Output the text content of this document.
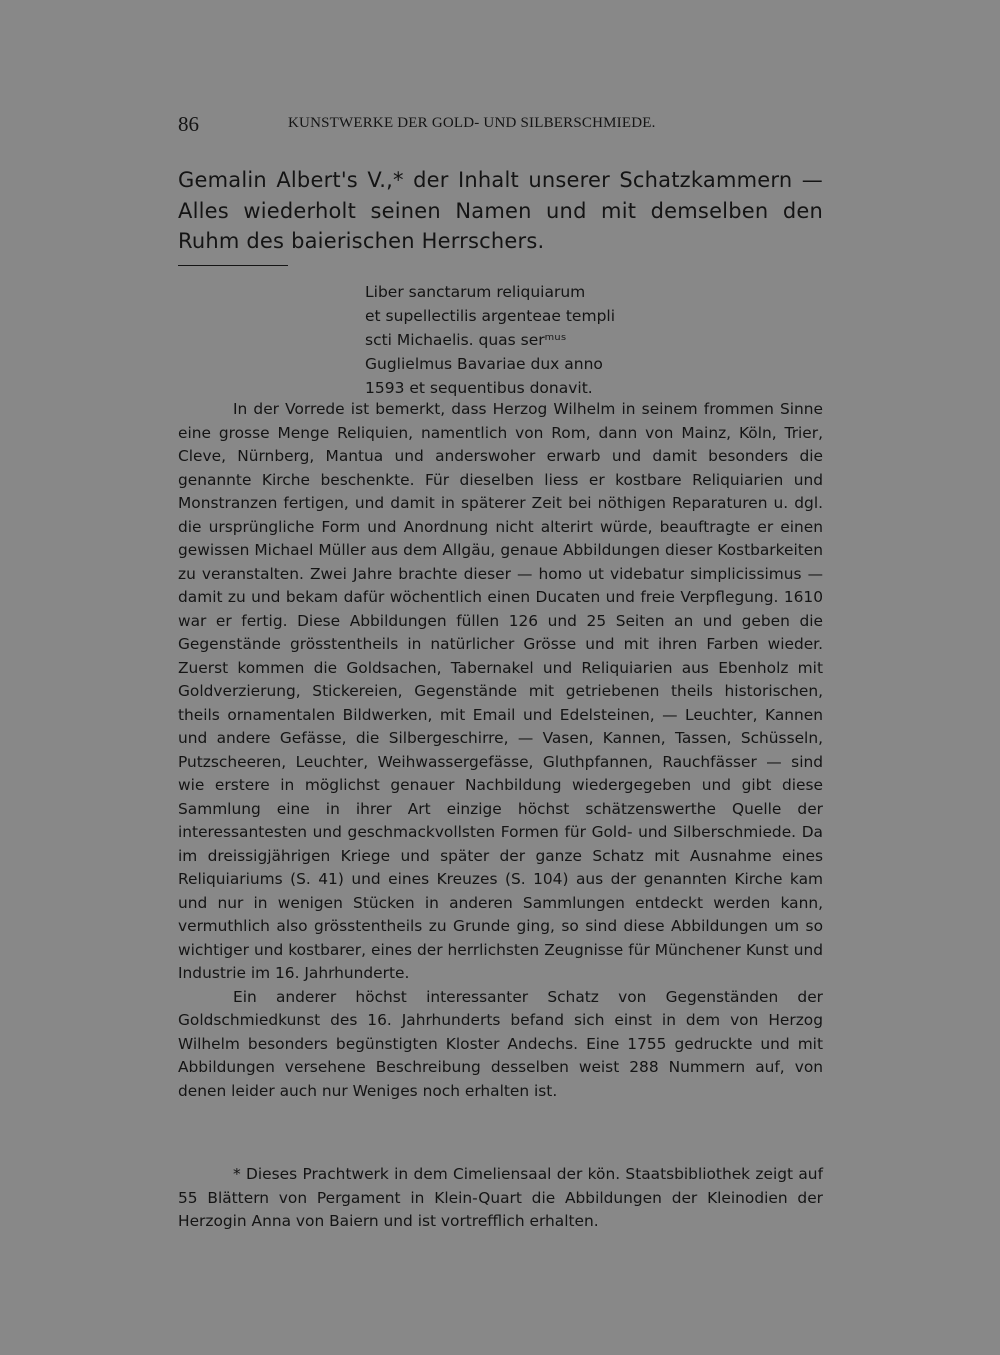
86	KUNSTWERKE DER GOLD- UND SILBERSCHMIEDE.
Gemalin Albert's V.,* der Inhalt unserer Schatzkammern — Alles wiederholt seinen Namen und mit demselben den Ruhm des baierischen Herrschers.
Liber sanctarum reliquiarum
et supellectilis argenteae templi
scti Michaelis. quas serᵐᵘˢ
Guglielmus Bavariae dux anno
1593 et sequentibus donavit.

In der Vorrede ist bemerkt, dass Herzog Wilhelm in seinem frommen Sinne eine grosse Menge Reliquien, namentlich von Rom, dann von Mainz, Köln, Trier, Cleve, Nürnberg, Mantua und anderswoher erwarb und damit besonders die genannte Kirche beschenkte. Für dieselben liess er kostbare Reliquiarien und Monstranzen fertigen, und damit in späterer Zeit bei nöthigen Reparaturen u. dgl. die ursprüngliche Form und Anordnung nicht alterirt würde, beauftragte er einen gewissen Michael Müller aus dem Allgäu, genaue Abbildungen dieser Kostbarkeiten zu veranstalten. Zwei Jahre brachte dieser — homo ut videbatur simplicissimus — damit zu und bekam dafür wöchentlich einen Ducaten und freie Verpflegung. 1610 war er fertig. Diese Abbildungen füllen 126 und 25 Seiten an und geben die Gegenstände grösstentheils in natürlicher Grösse und mit ihren Farben wieder. Zuerst kommen die Goldsachen, Tabernakel und Reliquiarien aus Ebenholz mit Goldverzierung, Stickereien, Gegenstände mit getriebenen theils historischen, theils ornamentalen Bildwerken, mit Email und Edelsteinen, — Leuchter, Kannen und andere Gefässe, die Silbergeschirre, — Vasen, Kannen, Tassen, Schüsseln, Putzscheeren, Leuchter, Weihwassergefässe, Gluthpfannen, Rauchfässer — sind wie erstere in möglichst genauer Nachbildung wiedergegeben und gibt diese Sammlung eine in ihrer Art einzige höchst schätzenswerthe Quelle der interessantesten und geschmackvollsten Formen für Gold- und Silberschmiede. Da im dreissigjährigen Kriege und später der ganze Schatz mit Ausnahme eines Reliquiariums (S. 41) und eines Kreuzes (S. 104) aus der genannten Kirche kam und nur in wenigen Stücken in anderen Sammlungen entdeckt werden kann, vermuthlich also grösstentheils zu Grunde ging, so sind diese Abbildungen um so wichtiger und kostbarer, eines der herrlichsten Zeugnisse für Münchener Kunst und Industrie im 16. Jahrhunderte.

Ein anderer höchst interessanter Schatz von Gegenständen der Goldschmiedkunst des 16. Jahrhunderts befand sich einst in dem von Herzog Wilhelm besonders begünstigten Kloster Andechs. Eine 1755 gedruckte und mit Abbildungen versehene Beschreibung desselben weist 288 Nummern auf, von denen leider auch nur Weniges noch erhalten ist.

* Dieses Prachtwerk in dem Cimeliensaal der kön. Staatsbibliothek zeigt auf 55 Blättern von Pergament in Klein-Quart die Abbildungen der Kleinodien der Herzogin Anna von Baiern und ist vortrefflich erhalten.
